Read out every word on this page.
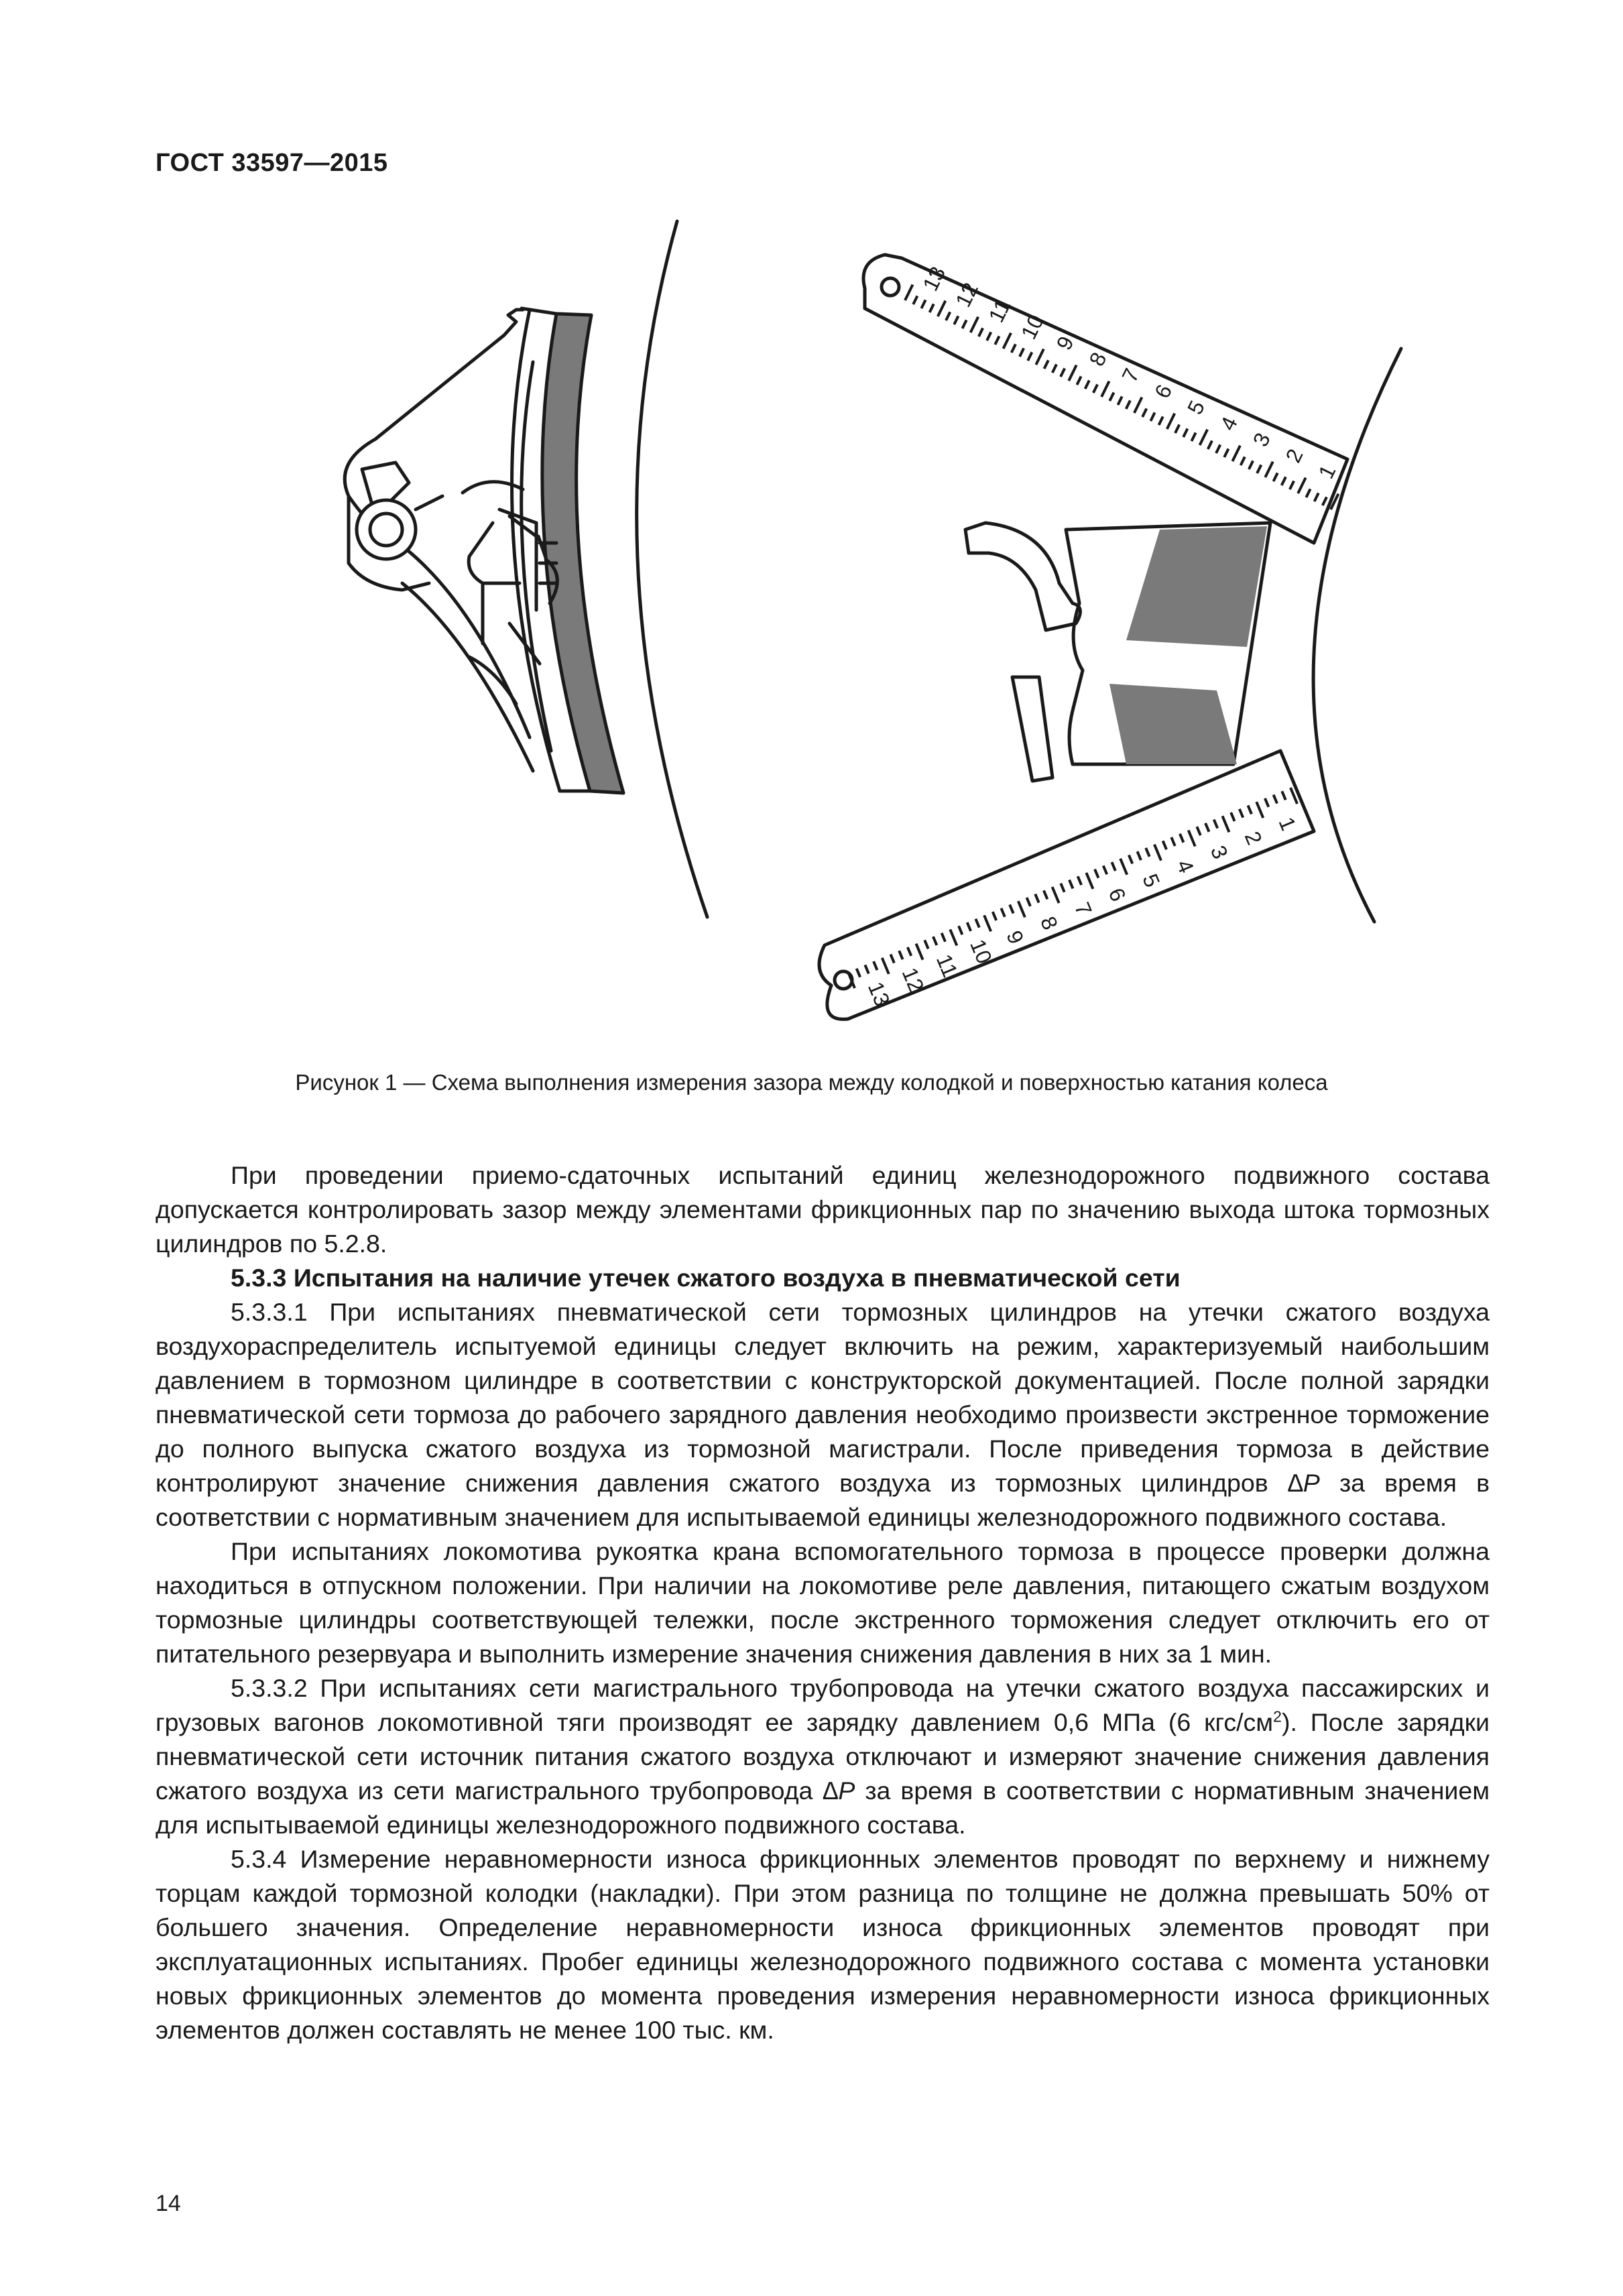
ГОСТ 33597—2015
13
12
11
10
9
8
7
6
5
4
3
2
1
1
2
3
4
5
6
7
8
9
10
11
12
13
Рисунок 1 — Схема выполнения измерения зазора между колодкой и поверхностью катания колеса

При проведении приемо-сдаточных испытаний единиц железнодорожного подвижного состава допускается контролировать зазор между элементами фрикционных пар по значению выхода штока тормозных цилиндров по 5.2.8.

5.3.3 Испытания на наличие утечек сжатого воздуха в пневматической сети

5.3.3.1 При испытаниях пневматической сети тормозных цилиндров на утечки сжатого воздуха воздухораспределитель испытуемой единицы следует включить на режим, характеризуемый наибольшим давлением в тормозном цилиндре в соответствии с конструкторской документацией. После полной зарядки пневматической сети тормоза до рабочего зарядного давления необходимо произвести экстренное торможение до полного выпуска сжатого воздуха из тормозной магистрали. После приведения тормоза в действие контролируют значение снижения давления сжатого воздуха из тормозных цилиндров ∆P за время в соответствии с нормативным значением для испытываемой единицы железнодорожного подвижного состава.

При испытаниях локомотива рукоятка крана вспомогательного тормоза в процессе проверки должна находиться в отпускном положении. При наличии на локомотиве реле давления, питающего сжатым воздухом тормозные цилиндры соответствующей тележки, после экстренного торможения следует отключить его от питательного резервуара и выполнить измерение значения снижения давления в них за 1 мин.

5.3.3.2 При испытаниях сети магистрального трубопровода на утечки сжатого воздуха пассажирских и грузовых вагонов локомотивной тяги производят ее зарядку давлением 0,6 МПа (6 кгс/$см^2$). После зарядки пневматической сети источник питания сжатого воздуха отключают и измеряют значение снижения давления сжатого воздуха из сети магистрального трубопровода ∆P за время в соответствии с нормативным значением для испытываемой единицы железнодорожного подвижного состава.

5.3.4 Измерение неравномерности износа фрикционных элементов проводят по верхнему и нижнему торцам каждой тормозной колодки (накладки). При этом разница по толщине не должна превышать 50% от большего значения. Определение неравномерности износа фрикционных элементов проводят при эксплуатационных испытаниях. Пробег единицы железнодорожного подвижного состава с момента установки новых фрикционных элементов до момента проведения измерения неравномерности износа фрикционных элементов должен составлять не менее 100 тыс. км.

14
